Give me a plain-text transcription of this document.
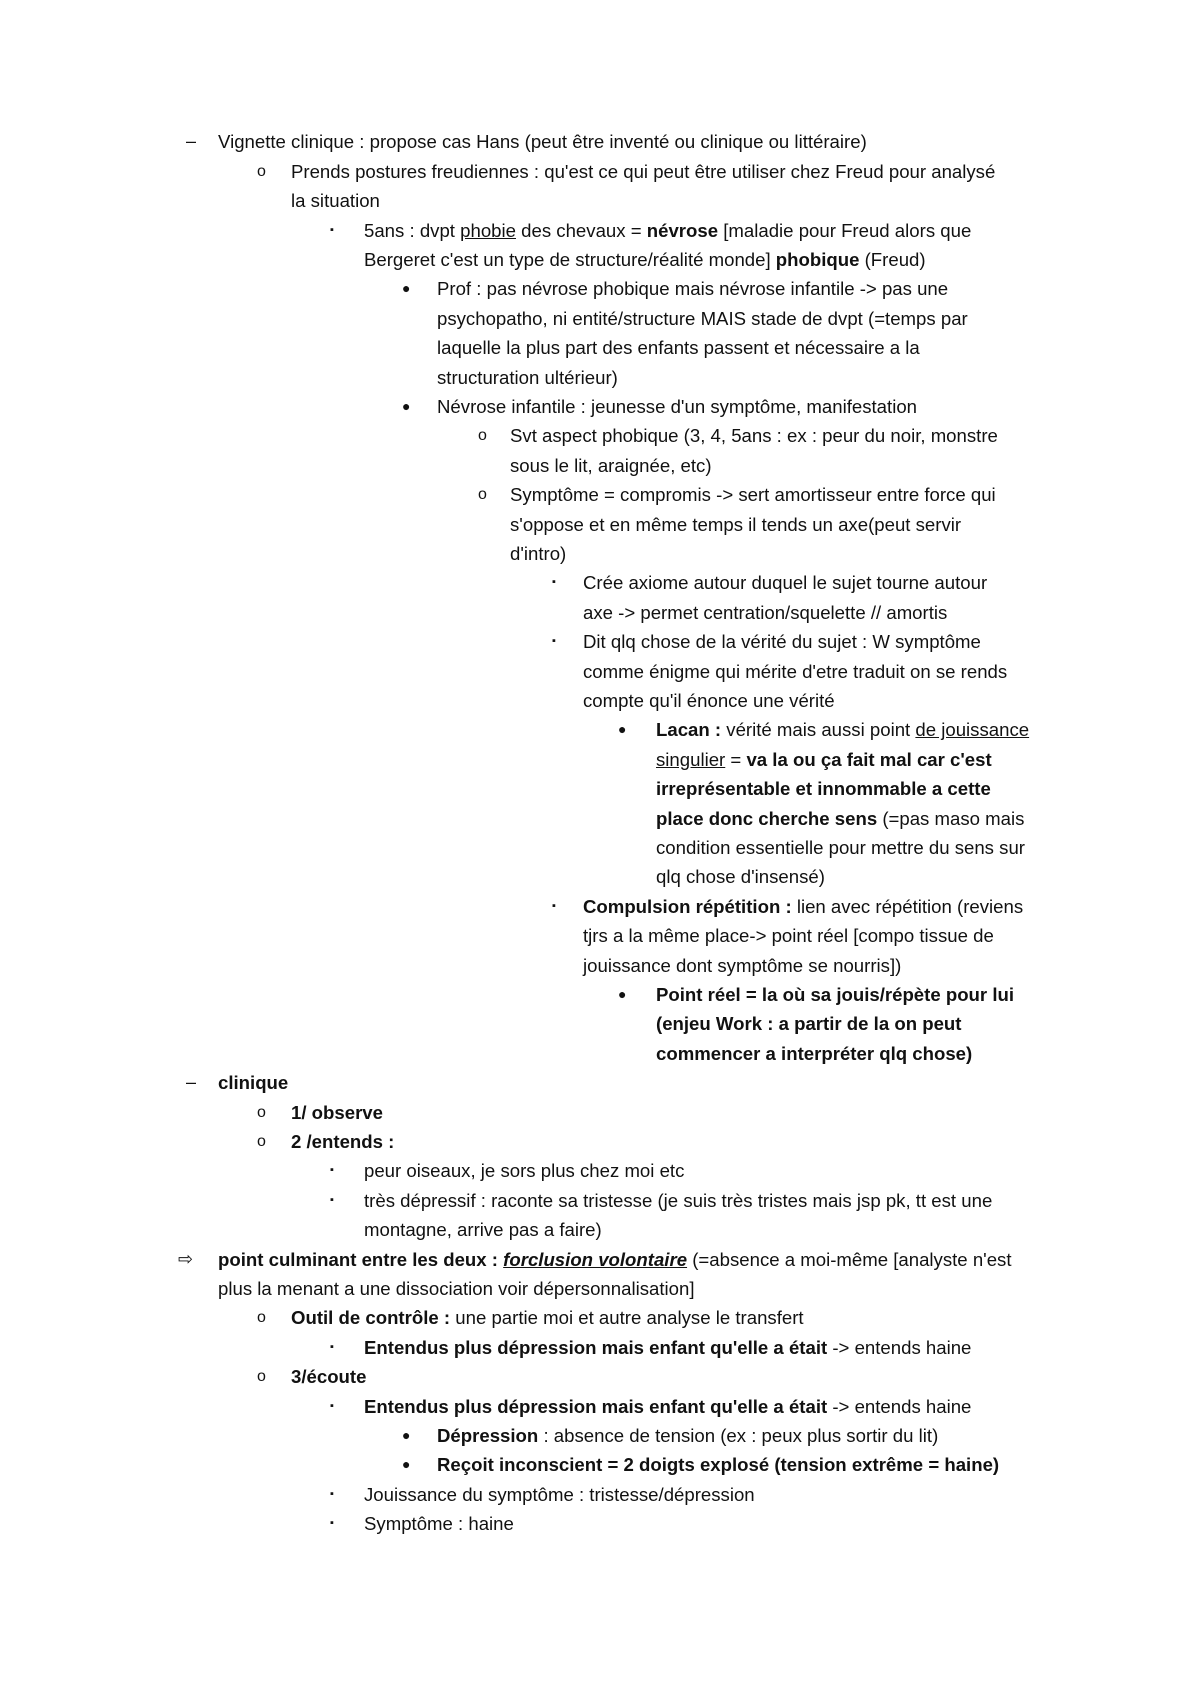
– Vignette clinique : propose cas Hans (peut être inventé ou clinique ou littéraire)
o Prends postures freudiennes : qu'est ce qui peut être utiliser chez Freud pour analysé
la situation
▪ 5ans : dvpt phobie des chevaux = névrose [maladie pour Freud alors que
Bergeret c'est un type de structure/réalité monde] phobique (Freud)
● Prof : pas névrose phobique mais névrose infantile -> pas une
psychopatho, ni entité/structure MAIS stade de dvpt (=temps par
laquelle la plus part des enfants passent et nécessaire a la
structuration ultérieur)
● Névrose infantile : jeunesse d'un symptôme, manifestation
o Svt aspect phobique (3, 4, 5ans : ex : peur du noir, monstre
sous le lit, araignée, etc)
o Symptôme = compromis -> sert amortisseur entre force qui
s'oppose et en même temps il tends un axe(peut servir
d'intro)
▪ Crée axiome autour duquel le sujet tourne autour
axe -> permet centration/squelette // amortis
▪ Dit qlq chose de la vérité du sujet : W symptôme
comme énigme qui mérite d'etre traduit on se rends
compte qu'il énonce une vérité
● Lacan : vérité mais aussi point de jouissance
singulier = va la ou ça fait mal car c'est
irreprésentable et innommable a cette
place donc cherche sens (=pas maso mais
condition essentielle pour mettre du sens sur
qlq chose d'insensé)
▪ Compulsion répétition : lien avec répétition (reviens
tjrs a la même place-> point réel [compo tissue de
jouissance dont symptôme se nourris])
● Point réel = la où sa jouis/répète pour lui
(enjeu Work : a partir de la on peut
commencer a interpréter qlq chose)
– clinique
o 1/ observe
o 2 /entends :
▪ peur oiseaux, je sors plus chez moi etc
▪ très dépressif : raconte sa tristesse (je suis très tristes mais jsp pk, tt est une
montagne, arrive pas a faire)
⇨ point culminant entre les deux : forclusion volontaire (=absence a moi-même [analyste n'est
plus la menant a une dissociation voir dépersonnalisation]
o Outil de contrôle : une partie moi et autre analyse le transfert
▪ Entendus plus dépression mais enfant qu'elle a était -> entends haine
o 3/écoute
▪ Entendus plus dépression mais enfant qu'elle a était -> entends haine
● Dépression : absence de tension (ex : peux plus sortir du lit)
● Reçoit inconscient = 2 doigts explosé (tension extrême = haine)
▪ Jouissance du symptôme : tristesse/dépression
▪ Symptôme : haine
